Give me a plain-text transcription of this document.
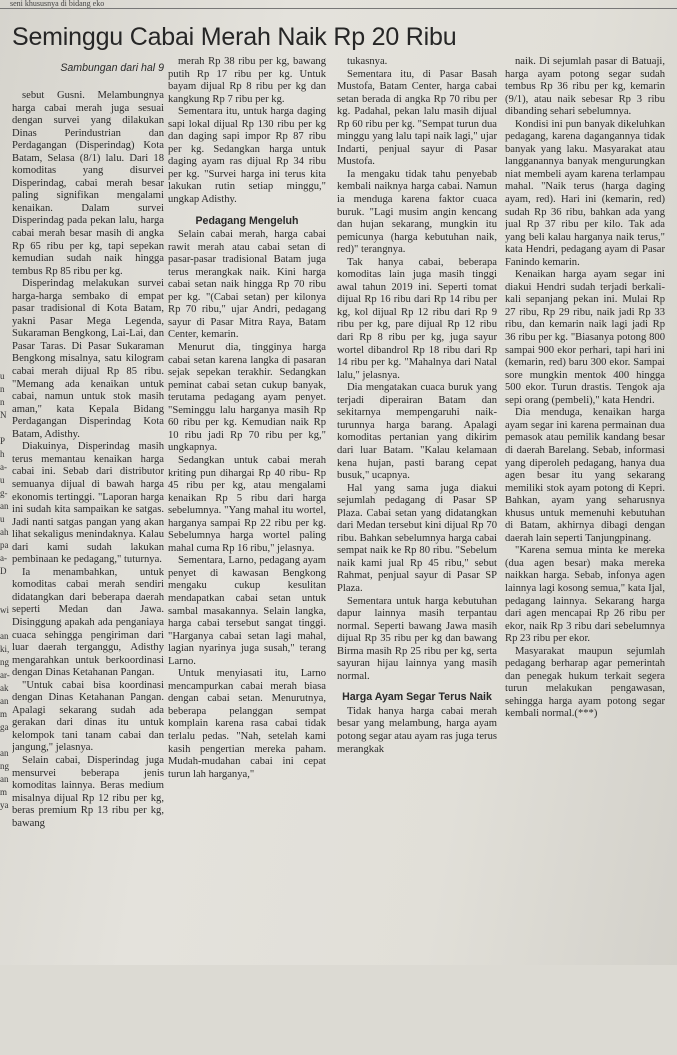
seni khususnya di bidang eko
Seminggu Cabai Merah Naik Rp 20 Ribu
Sambungan dari hal 9
u
n
n
N

P
h
a-
u
g-
an
u
ah
pa
a-
D

wi

an
ki,
ng
ar-
ak
an
m
ga

an
ng
an
m
ya

sebut Gusni. Melambungnya harga cabai merah juga sesuai dengan survei yang dilakukan Dinas Perindustrian dan Perdagangan (Disperindag) Kota Batam, Selasa (8/1) lalu. Dari 18 komoditas yang disurvei Disperindag, cabai merah besar paling signifikan mengalami kenaikan. Dalam survei Disperindag pada pekan lalu, harga cabai merah besar masih di angka Rp 65 ribu per kg, tapi sepekan kemudian sudah naik hingga tembus Rp 85 ribu per kg.

Disperindag melakukan survei harga-harga sembako di empat pasar tradisional di Kota Batam, yakni Pasar Mega Legenda, Sukaraman Bengkong, Lai-Lai, dan Pasar Taras. Di Pasar Sukaraman Bengkong misalnya, satu kilogram cabai merah dijual Rp 85 ribu. "Memang ada kenaikan untuk cabai, namun untuk stok masih aman," kata Kepala Bidang Perdagangan Disperindag Kota Batam, Adisthy.

Diakuinya, Disperindag masih terus memantau kenaikan harga cabai ini. Sebab dari distributor semuanya dijual di bawah harga ekonomis tertinggi. "Laporan harga ini sudah kita sampaikan ke satgas. Jadi nanti satgas pangan yang akan lihat sekaligus menindaknya. Kalau dari kami sudah lakukan pembinaan ke pedagang," tuturnya.

Ia menambahkan, untuk komoditas cabai merah sendiri didatangkan dari beberapa daerah seperti Medan dan Jawa. Disinggung apakah ada penganiaya cuaca sehingga pengiriman dari luar daerah terganggu, Adisthy mengarahkan untuk berkoordinasi dengan Dinas Ketahanan Pangan.

"Untuk cabai bisa koordinasi dengan Dinas Ketahanan Pangan. Apalagi sekarang sudah ada gerakan dari dinas itu untuk kelompok tani tanam cabai dan jangung," jelasnya.

Selain cabai, Disperindag juga mensurvei beberapa jenis komoditas lainnya. Beras medium misalnya dijual Rp 12 ribu per kg, beras premium Rp 13 ribu per kg, bawang

merah Rp 38 ribu per kg, bawang putih Rp 17 ribu per kg. Untuk bayam dijual Rp 8 ribu per kg dan kangkung Rp 7 ribu per kg.

Sementara itu, untuk harga daging sapi lokal dijual Rp 130 ribu per kg dan daging sapi impor Rp 87 ribu per kg. Sedangkan harga untuk daging ayam ras dijual Rp 34 ribu per kg. "Survei harga ini terus kita lakukan rutin setiap minggu," ungkap Adisthy.

Pedagang Mengeluh

Selain cabai merah, harga cabai rawit merah atau cabai setan di pasar-pasar tradisional Batam juga terus merangkak naik. Kini harga cabai setan naik hingga Rp 70 ribu per kg. "(Cabai setan) per kilonya Rp 70 ribu," ujar Andri, pedagang sayur di Pasar Mitra Raya, Batam Center, kemarin.

Menurut dia, tingginya harga cabai setan karena langka di pasaran sejak sepekan terakhir. Sedangkan peminat cabai setan cukup banyak, terutama pedagang ayam penyet. "Seminggu lalu harganya masih Rp 60 ribu per kg. Kemudian naik Rp 10 ribu jadi Rp 70 ribu per kg," ungkapnya.

Sedangkan untuk cabai merah kriting pun dihargai Rp 40 ribu- Rp 45 ribu per kg, atau mengalami kenaikan Rp 5 ribu dari harga sebelumnya. "Yang mahal itu wortel, harganya sampai Rp 22 ribu per kg. Sebelumnya harga wortel paling mahal cuma Rp 16 ribu," jelasnya.

Sementara, Larno, pedagang ayam penyet di kawasan Bengkong mengaku cukup kesulitan mendapatkan cabai setan untuk sambal masakannya. Selain langka, harga cabai tersebut sangat tinggi. "Harganya cabai setan lagi mahal, lagian nyarinya juga susah," terang Larno.

Untuk menyiasati itu, Larno mencampurkan cabai merah biasa dengan cabai setan. Menurutnya, beberapa pelanggan sempat komplain karena rasa cabai tidak terlalu pedas. "Nah, setelah kami kasih pengertian mereka paham. Mudah-mudahan cabai ini cepat turun lah harganya,"

tukasnya.

Sementara itu, di Pasar Basah Mustofa, Batam Center, harga cabai setan berada di angka Rp 70 ribu per kg. Padahal, pekan lalu masih dijual Rp 60 ribu per kg. "Sempat turun dua minggu yang lalu tapi naik lagi," ujar Indarti, penjual sayur di Pasar Mustofa.

Ia mengaku tidak tahu penyebab kembali naiknya harga cabai. Namun ia menduga karena faktor cuaca buruk. "Lagi musim angin kencang dan hujan sekarang, mungkin itu pemicunya (harga kebutuhan naik, red)" terangnya.

Tak hanya cabai, beberapa komoditas lain juga masih tinggi awal tahun 2019 ini. Seperti tomat dijual Rp 16 ribu dari Rp 14 ribu per kg, kol dijual Rp 12 ribu dari Rp 9 ribu per kg, pare dijual Rp 12 ribu dari Rp 8 ribu per kg, juga sayur wortel dibandrol Rp 18 ribu dari Rp 14 ribu per kg. "Mahalnya dari Natal lalu," jelasnya.

Dia mengatakan cuaca buruk yang terjadi diperairan Batam dan sekitarnya mempengaruhi naik-turunnya harga barang. Apalagi komoditas pertanian yang dikirim dari luar Batam. "Kalau kelamaan kena hujan, pasti barang cepat busuk," ucapnya.

Hal yang sama juga diakui sejumlah pedagang di Pasar SP Plaza. Cabai setan yang didatangkan dari Medan tersebut kini dijual Rp 70 ribu. Bahkan sebelumnya harga cabai sempat naik ke Rp 80 ribu. "Sebelum naik kami jual Rp 45 ribu," sebut Rahmat, penjual sayur di Pasar SP Plaza.

Sementara untuk harga kebutuhan dapur lainnya masih terpantau normal. Seperti bawang Jawa masih dijual Rp 35 ribu per kg dan bawang Birma masih Rp 25 ribu per kg, serta sayuran hijau lainnya yang masih normal.

Harga Ayam Segar Terus Naik

Tidak hanya harga cabai merah besar yang melambung, harga ayam potong segar atau ayam ras juga terus merangkak

naik. Di sejumlah pasar di Batuaji, harga ayam potong segar sudah tembus Rp 36 ribu per kg, kemarin (9/1), atau naik sebesar Rp 3 ribu dibanding sehari sebelumnya.

Kondisi ini pun banyak dikeluhkan pedagang, karena dagangannya tidak banyak yang laku. Masyarakat atau langganannya banyak mengurungkan niat membeli ayam karena terlampau mahal. "Naik terus (harga daging ayam, red). Hari ini (kemarin, red) sudah Rp 36 ribu, bahkan ada yang jual Rp 37 ribu per kilo. Tak ada yang beli kalau harganya naik terus," kata Hendri, pedagang ayam di Pasar Fanindo kemarin.

Kenaikan harga ayam segar ini diakui Hendri sudah terjadi berkali-kali sepanjang pekan ini. Mulai Rp 27 ribu, Rp 29 ribu, naik jadi Rp 33 ribu, dan kemarin naik lagi jadi Rp 36 ribu per kg. "Biasanya potong 800 sampai 900 ekor perhari, tapi hari ini (kemarin, red) baru 300 ekor. Sampai sore mungkin mentok 400 hingga 500 ekor. Turun drastis. Tengok aja sepi orang (pembeli)," kata Hendri.

Dia menduga, kenaikan harga ayam segar ini karena permainan dua pemasok atau pemilik kandang besar di daerah Barelang. Sebab, informasi yang diperoleh pedagang, hanya dua agen besar itu yang sekarang memiliki stok ayam potong di Kepri. Bahkan, ayam yang seharusnya khusus untuk memenuhi kebutuhan di Batam, akhirnya dibagi dengan daerah lain seperti Tanjungpinang.

"Karena semua minta ke mereka (dua agen besar) maka mereka naikkan harga. Sebab, infonya agen lainnya lagi kosong semua," kata Ijal, pedagang lainnya. Sekarang harga dari agen mencapai Rp 26 ribu per ekor, naik Rp 3 ribu dari sebelumnya Rp 23 ribu per ekor.

Masyarakat maupun sejumlah pedagang berharap agar pemerintah dan penegak hukum terkait segera turun melakukan pengawasan, sehingga harga ayam potong segar kembali normal.(***)
